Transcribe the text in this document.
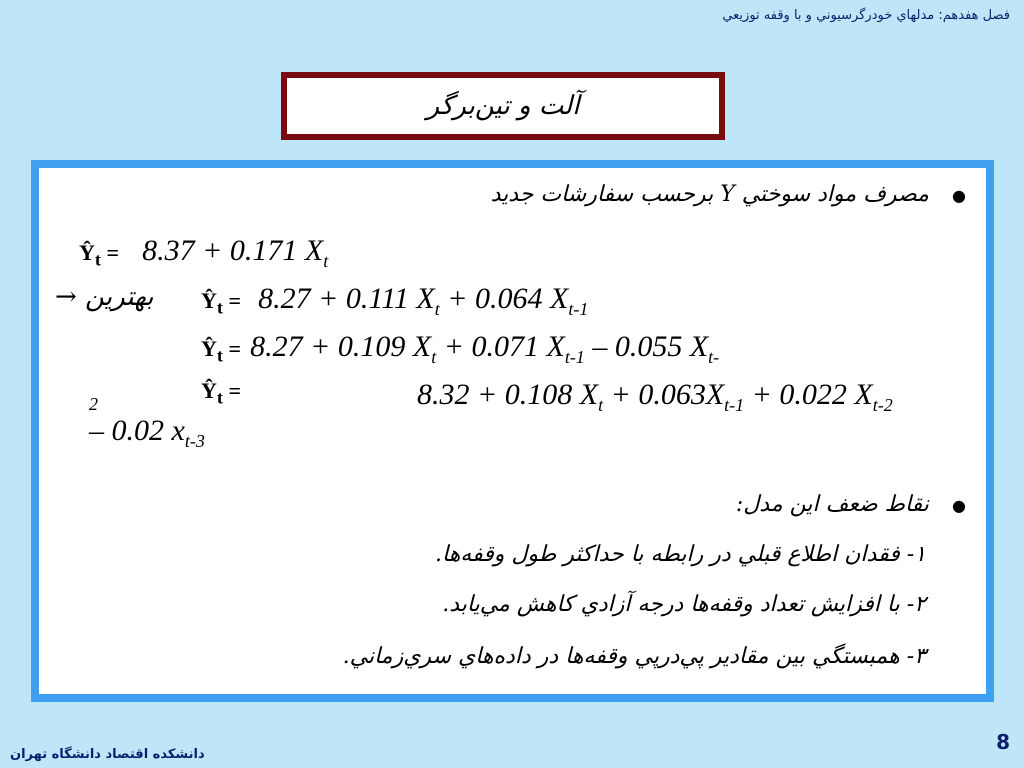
فصل هفدهم: مدلهاي خودرگرسيوني و با وقفه توزيعي
آلت و تين‌برگر
● مصرف مواد سوختي Y برحسب سفارشات جديد
$Ŷ_t = 8.37 + 0.171$ $X_t$
بهترين → $Ŷ_t = 8.27 + 0.111$ $X_t + 0.064$ $X_{t-1}$
$Ŷ_t = 8.27 + 0.109$ $X_t + 0.071$ $X_{t-1} - 0.055$ $X_{t-}$
$Ŷ_t$ =	8.32 + 0.108 $X_t + 0.063X_{t-1} + 0.022$ $X_{t-2}$
2
– 0.02 $x_{t-3}$
● نقاط ضعف اين مدل:
۱- فقدان اطلاع قبلي در رابطه با حداكثر طول وقفه‌ها.
۲- با افزايش تعداد وقفه‌ها درجه آزادي كاهش مي‌يابد.
۳- همبستگي بين مقادير پي‌درپي وقفه‌ها در داده‌هاي سري‌زماني.
دانشكده اقتصاد دانشگاه تهران
8
